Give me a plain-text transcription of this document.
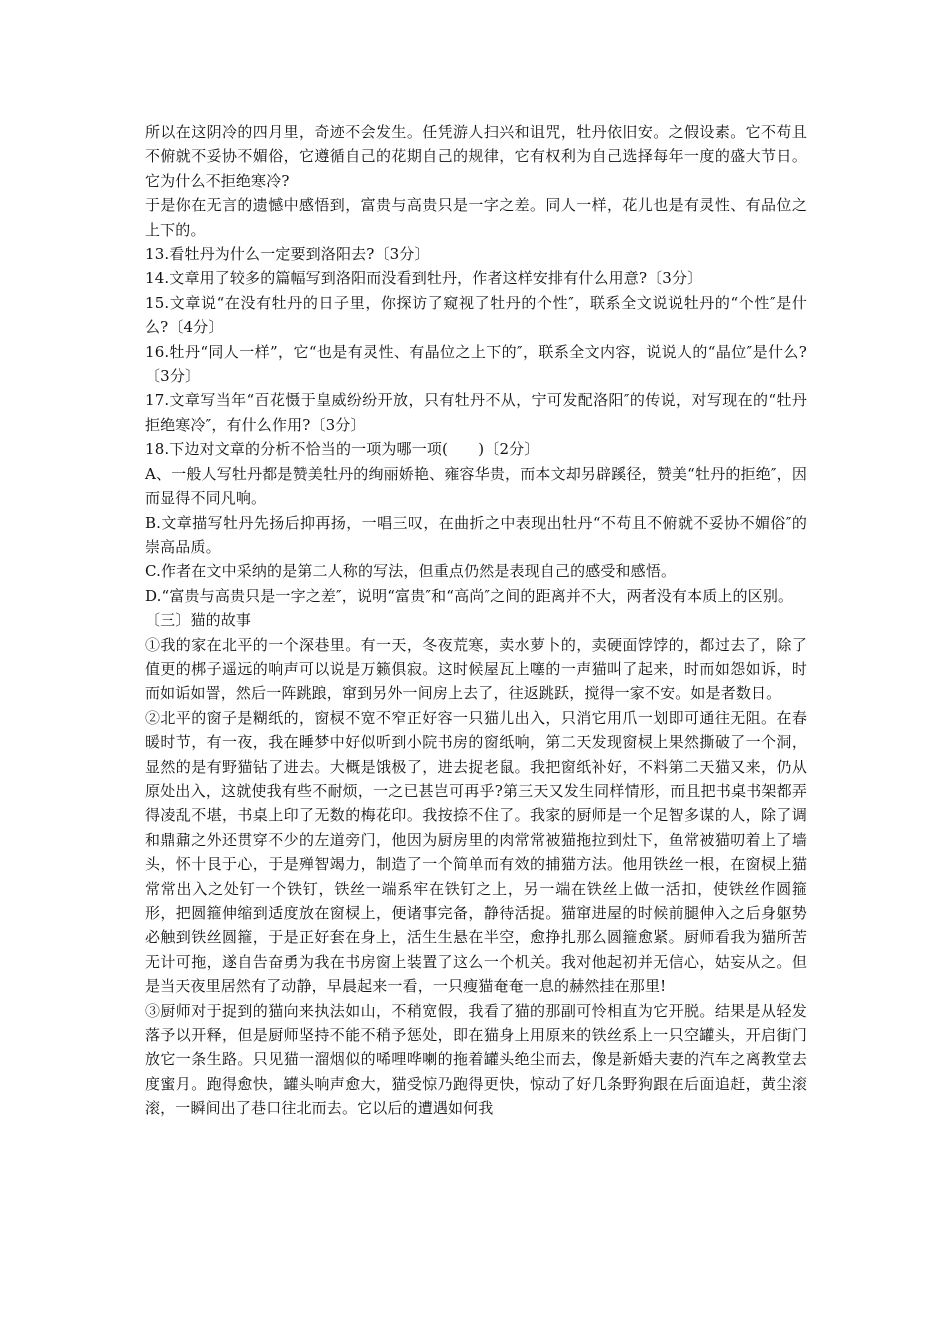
所以在这阴冷的四月里，奇迹不会发生。任凭游人扫兴和诅咒，牡丹依旧安。之假设素。它不苟且不俯就不妥协不媚俗，它遵循自己的花期自己的规律，它有权利为自己选择每年一度的盛大节日。它为什么不拒绝寒冷?

于是你在无言的遗憾中感悟到，富贵与高贵只是一字之差。同人一样，花儿也是有灵性、有品位之上下的。

13.看牡丹为什么一定要到洛阳去?〔3分〕

14.文章用了较多的篇幅写到洛阳而没看到牡丹，作者这样安排有什么用意?〔3分〕

15.文章说“在没有牡丹的日子里，你探访了窥视了牡丹的个性″，联系全文说说牡丹的“个性″是什么?〔4分〕

16.牡丹“同人一样”，它“也是有灵性、有晶位之上下的″，联系全文内容，说说人的“晶位″是什么?〔3分〕

17.文章写当年“百花慑于皇威纷纷开放，只有牡丹不从，宁可发配洛阳″的传说，对写现在的“牡丹拒绝寒冷″，有什么作用?〔3分〕

18.下边对文章的分析不恰当的一项为哪一项(　　)〔2分〕

A、一般人写牡丹都是赞美牡丹的绚丽娇艳、雍容华贵，而本文却另辟蹊径，赞美“牡丹的拒绝″，因而显得不同凡响。

B.文章描写牡丹先扬后抑再扬，一唱三叹，在曲折之中表现出牡丹“不苟且不俯就不妥协不媚俗″的崇高品质。

C.作者在文中采纳的是第二人称的写法，但重点仍然是表现自己的感受和感悟。

D.“富贵与高贵只是一字之差″，说明“富贵″和“高尚″之间的距离并不大，两者没有本质上的区别。

〔三〕猫的故事

①我的家在北平的一个深巷里。有一天，冬夜荒寒，卖水萝卜的，卖硬面饽饽的，都过去了，除了值更的梆子遥远的响声可以说是万籁俱寂。这时候屋瓦上噻的一声猫叫了起来，时而如怨如诉，时而如诟如詈，然后一阵跳踉，窜到另外一间房上去了，往返跳跃，搅得一家不安。如是者数日。

②北平的窗子是糊纸的，窗棂不宽不窄正好容一只猫儿出入，只消它用爪一划即可通往无阻。在春暖时节，有一夜，我在睡梦中好似听到小院书房的窗纸响，第二天发现窗棂上果然撕破了一个洞，显然的是有野猫钻了进去。大概是饿极了，进去捉老鼠。我把窗纸补好，不料第二天猫又来，仍从原处出入，这就使我有些不耐烦，一之已甚岂可再乎?第三天又发生同样情形，而且把书桌书架都弄得凌乱不堪，书桌上印了无数的梅花印。我按捺不住了。我家的厨师是一个足智多谋的人，除了调和鼎鼐之外还贯穿不少的左道旁门，他因为厨房里的肉常常被猫拖拉到灶下，鱼常被猫叨着上了墙头，怀十艮于心，于是殚智竭力，制造了一个简单而有效的捕猫方法。他用铁丝一根，在窗棂上猫常常出入之处钉一个铁钉，铁丝一端系牢在铁钉之上，另一端在铁丝上做一活扣，使铁丝作圆箍形，把圆箍伸缩到适度放在窗棂上，便诸事完备，静待活捉。猫窜进屋的时候前腿伸入之后身躯势必触到铁丝圆箍，于是正好套在身上，活生生悬在半空，愈挣扎那么圆箍愈紧。厨师看我为猫所苦无计可拖，遂自告奋勇为我在书房窗上装置了这么一个机关。我对他起初并无信心，姑妄从之。但是当天夜里居然有了动静，早晨起来一看，一只瘦猫奄奄一息的赫然挂在那里!

③厨师对于捉到的猫向来执法如山，不稍宽假，我看了猫的那副可怜相直为它开脱。结果是从轻发落予以开释，但是厨师坚持不能不稍予惩处，即在猫身上用原来的铁丝系上一只空罐头，开启街门放它一条生路。只见猫一溜烟似的唏哩哗喇的拖着罐头绝尘而去，像是新婚夫妻的汽车之离教堂去度蜜月。跑得愈快，罐头响声愈大，猫受惊乃跑得更快，惊动了好几条野狗跟在后面追赶，黄尘滚滚，一瞬间出了巷口往北而去。它以后的遭遇如何我
